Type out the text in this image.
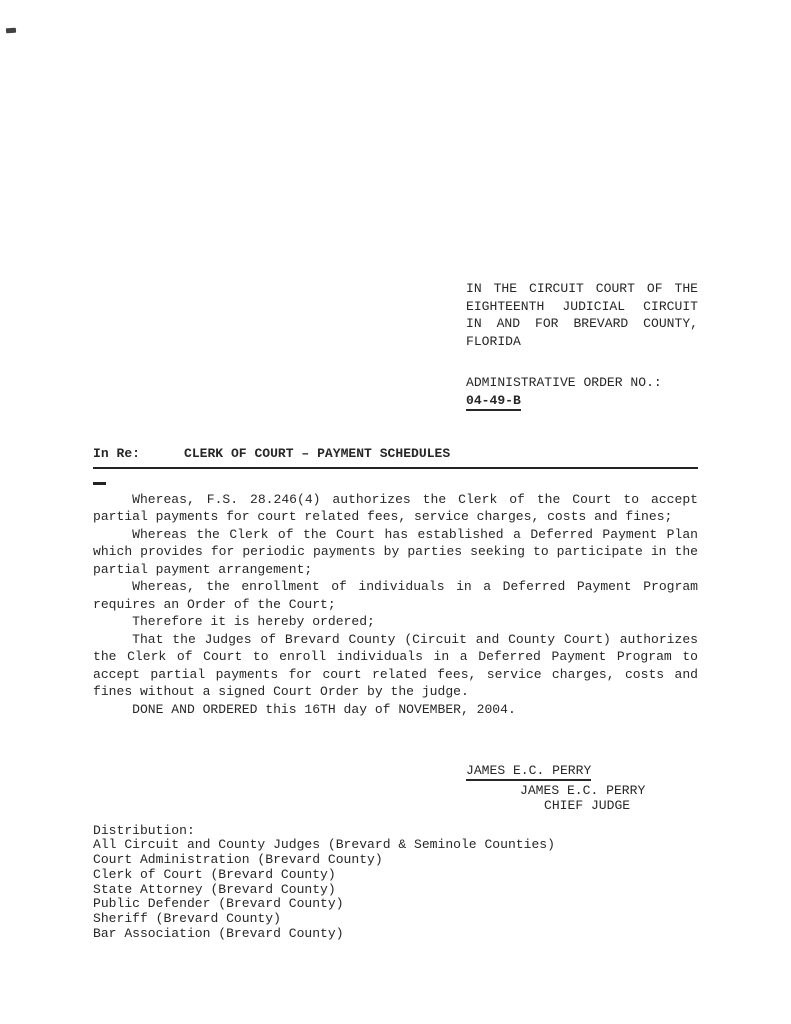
IN THE CIRCUIT COURT OF THE EIGHTEENTH JUDICIAL CIRCUIT IN AND FOR BREVARD COUNTY, FLORIDA

ADMINISTRATIVE ORDER NO.:
04-49-B
In Re:	CLERK OF COURT – PAYMENT SCHEDULES

Whereas, F.S. 28.246(4) authorizes the Clerk of the Court to accept partial payments for court related fees, service charges, costs and fines;

Whereas the Clerk of the Court has established a Deferred Payment Plan which provides for periodic payments by parties seeking to participate in the partial payment arrangement;

Whereas, the enrollment of individuals in a Deferred Payment Program requires an Order of the Court;

Therefore it is hereby ordered;

That the Judges of Brevard County (Circuit and County Court) authorizes the Clerk of Court to enroll individuals in a Deferred Payment Program to accept partial payments for court related fees, service charges, costs and fines without a signed Court Order by the judge.

DONE AND ORDERED this 16TH day of NOVEMBER, 2004.

JAMES E.C. PERRY
JAMES E.C. PERRY
CHIEF JUDGE
Distribution:
All Circuit and County Judges (Brevard & Seminole Counties)
Court Administration (Brevard County)
Clerk of Court (Brevard County)
State Attorney (Brevard County)
Public Defender (Brevard County)
Sheriff (Brevard County)
Bar Association (Brevard County)
